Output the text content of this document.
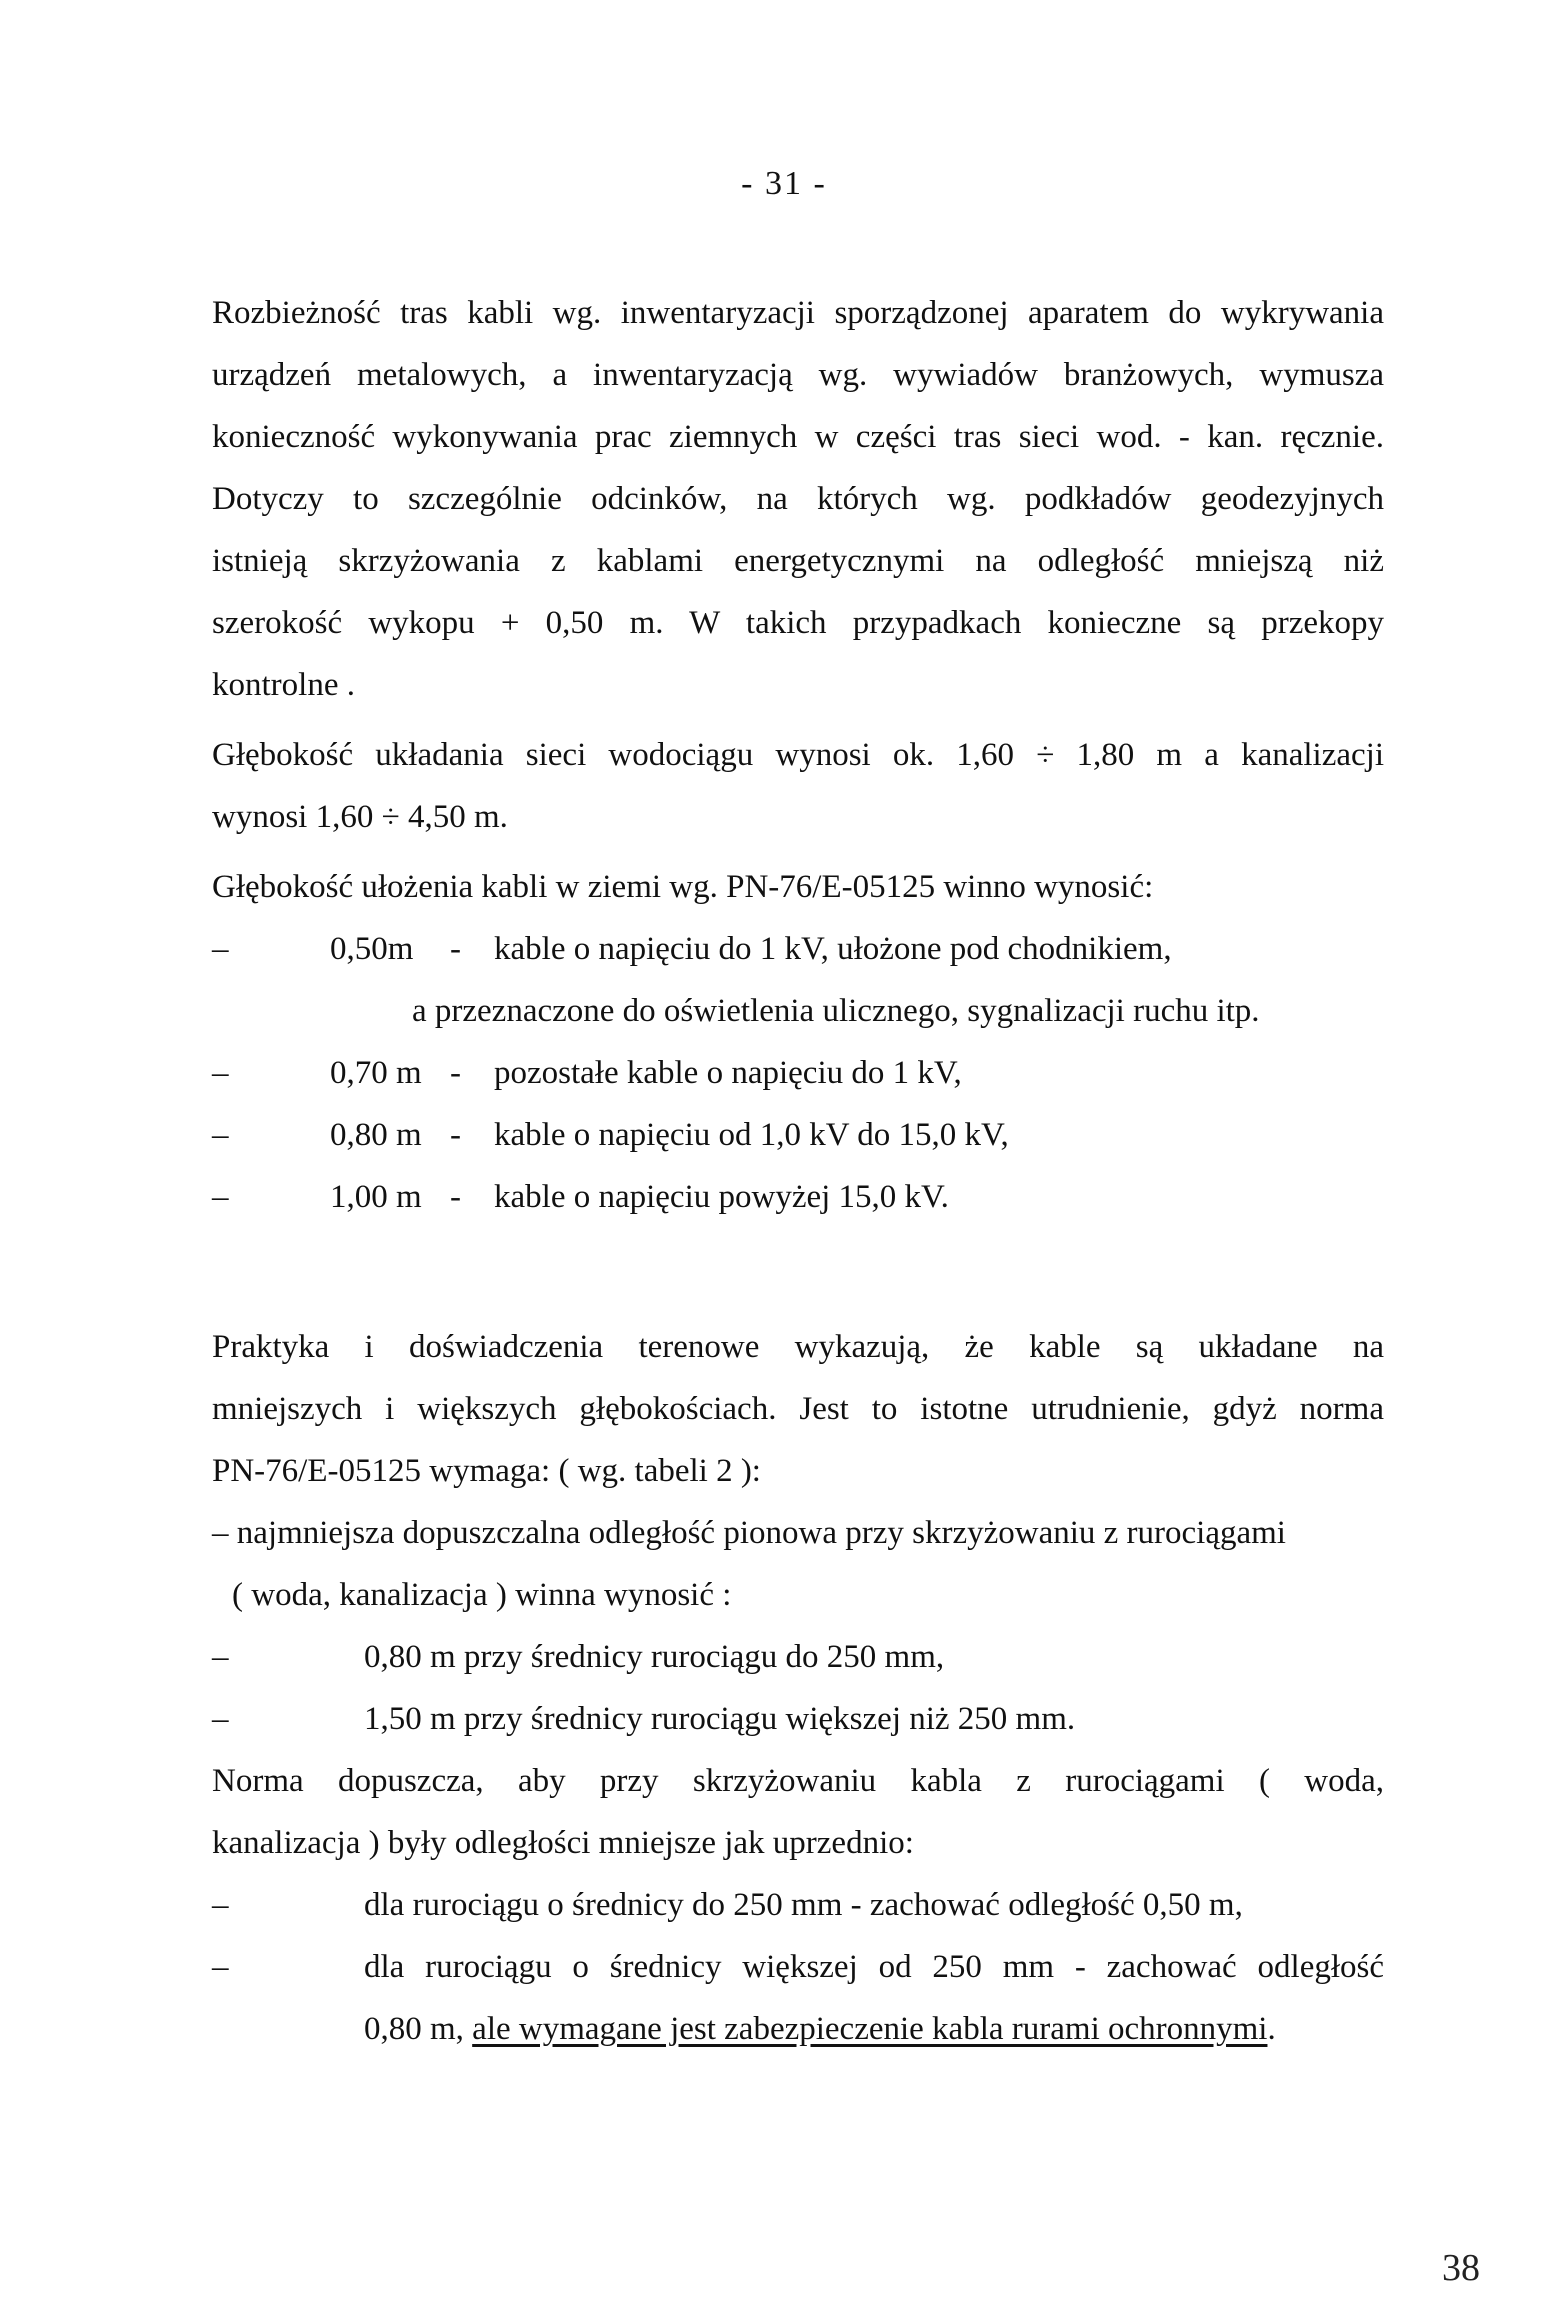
- 31 -
Rozbieżność tras kabli wg. inwentaryzacji sporządzonej aparatem do wykrywania
urządzeń metalowych, a inwentaryzacją wg. wywiadów branżowych, wymusza
konieczność wykonywania prac ziemnych w części tras sieci wod. - kan. ręcznie.
Dotyczy to szczególnie odcinków, na których wg. podkładów geodezyjnych
istnieją skrzyżowania z kablami energetycznymi na odległość mniejszą niż
szerokość wykopu + 0,50 m. W takich przypadkach konieczne są przekopy
kontrolne .
Głębokość układania sieci wodociągu wynosi ok. 1,60 ÷ 1,80 m a kanalizacji
wynosi 1,60 ÷ 4,50 m.
Głębokość ułożenia kabli w ziemi wg. PN-76/E-05125 winno wynosić:
–	0,50m - kable o napięciu do 1 kV, ułożone pod chodnikiem,
a przeznaczone do oświetlenia ulicznego, sygnalizacji ruchu itp.
–	0,70 m - pozostałe kable o napięciu do 1 kV,
–	0,80 m - kable o napięciu od 1,0 kV do 15,0 kV,
–	1,00 m - kable o napięciu powyżej 15,0 kV.
Praktyka i doświadczenia terenowe wykazują, że kable są układane na
mniejszych i większych głębokościach. Jest to istotne utrudnienie, gdyż norma
PN-76/E-05125 wymaga: ( wg. tabeli 2 ):
– najmniejsza dopuszczalna odległość pionowa przy skrzyżowaniu z rurociągami
( woda, kanalizacja ) winna wynosić :
–	0,80 m przy średnicy rurociągu do 250 mm,
–	1,50 m przy średnicy rurociągu większej niż 250 mm.
Norma dopuszcza, aby przy skrzyżowaniu kabla z rurociągami ( woda,
kanalizacja ) były odległości mniejsze jak uprzednio:
–	dla rurociągu o średnicy do 250 mm - zachować odległość 0,50 m,
–	dla rurociągu o średnicy większej od 250 mm - zachować odległość
0,80 m, ale wymagane jest zabezpieczenie kabla rurami ochronnymi.
38
